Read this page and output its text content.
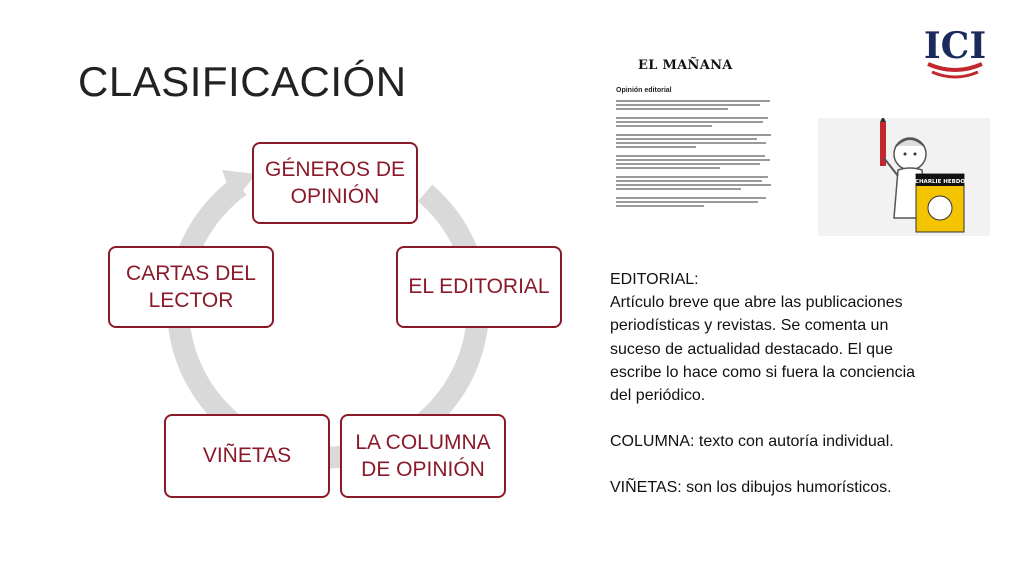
CLASIFICACIÓN
ICI
GÉNEROS DE OPINIÓN
EL EDITORIAL
LA COLUMNA DE OPINIÓN
VIÑETAS
CARTAS DEL LECTOR
EL MAÑANA
Opinión editorial
CHARLIE HEBDO

EDITORIAL:

Artículo breve que abre las publicaciones periodísticas y revistas. Se comenta un suceso de actualidad destacado. El que escribe lo hace como si fuera la conciencia del periódico.

COLUMNA: texto con autoría individual.

VIÑETAS: son los dibujos humorísticos.
